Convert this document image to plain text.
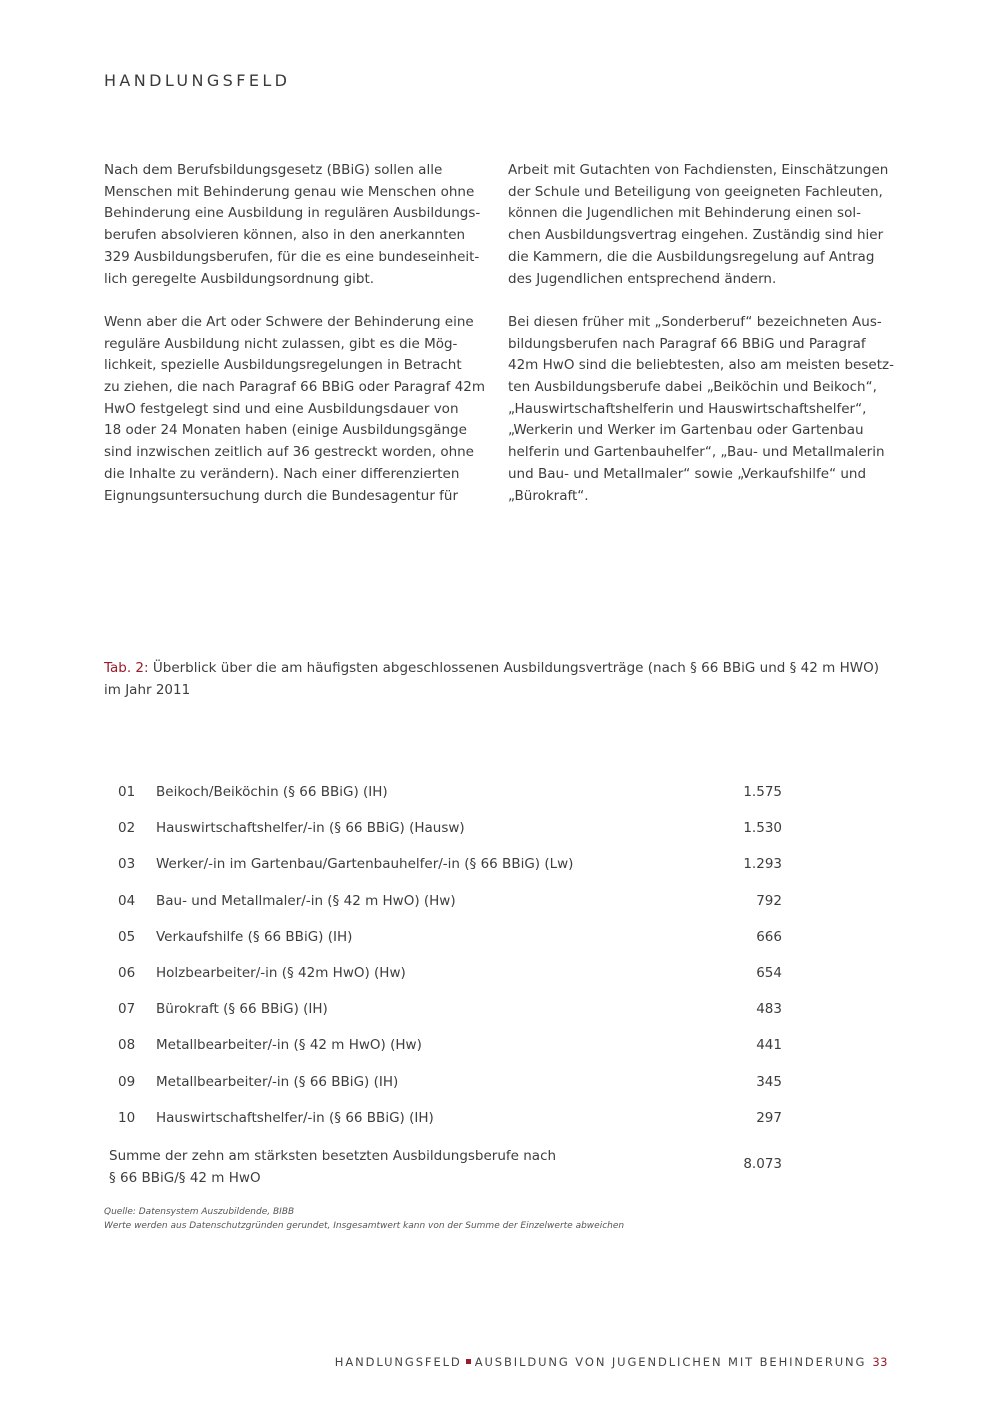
HANDLUNGSFELD
Nach dem Berufsbildungsgesetz (BBiG) sollen alle
Menschen mit Behinderung genau wie Menschen ohne
Behinderung eine Ausbildung in regulären Ausbildungs-
berufen absolvieren können, also in den anerkannten
329 Ausbildungsberufen, für die es eine bundeseinheit-
lich geregelte Ausbildungsordnung gibt.
Wenn aber die Art oder Schwere der Behinderung eine
reguläre Ausbildung nicht zulassen, gibt es die Mög-
lichkeit, spezielle Ausbildungsregelungen in Betracht
zu ziehen, die nach Paragraf 66 BBiG oder Paragraf 42m
HwO festgelegt sind und eine Ausbildungsdauer von
18 oder 24 Monaten haben (einige Ausbildungsgänge
sind inzwischen zeitlich auf 36 gestreckt worden, ohne
die Inhalte zu verändern). Nach einer differenzierten
Eignungsuntersuchung durch die Bundesagentur für
Arbeit mit Gutachten von Fachdiensten, Einschätzungen
der Schule und Beteiligung von geeigneten Fachleuten,
können die Jugendlichen mit Behinderung einen sol-
chen Ausbildungsvertrag eingehen. Zuständig sind hier
die Kammern, die die Ausbildungsregelung auf Antrag
des Jugendlichen entsprechend ändern.
Bei diesen früher mit „Sonderberuf“ bezeichneten Aus-
bildungsberufen nach Paragraf 66 BBiG und Paragraf
42m HwO sind die beliebtesten, also am meisten besetz-
ten Ausbildungsberufe dabei „Beiköchin und Beikoch“,
„Hauswirtschaftshelferin und Hauswirtschaftshelfer“,
„Werkerin und Werker im Gartenbau oder Gartenbau
helferin und Gartenbauhelfer“, „Bau- und Metallmalerin
und Bau- und Metallmaler“ sowie „Verkaufshilfe“ und
„Bürokraft“.
Tab. 2: Überblick über die am häufigsten abgeschlossenen Ausbildungsverträge (nach § 66 BBiG und § 42 m HWO)
im Jahr 2011
01 Beikoch/Beiköchin (§ 66 BBiG) (IH)	1.575
02 Hauswirtschaftshelfer/-in (§ 66 BBiG) (Hausw)	1.530
03 Werker/-in im Gartenbau/Gartenbauhelfer/-in (§ 66 BBiG) (Lw)	1.293
04 Bau- und Metallmaler/-in (§ 42 m HwO) (Hw)	792
05 Verkaufshilfe (§ 66 BBiG) (IH)	666
06 Holzbearbeiter/-in (§ 42m HwO) (Hw)	654
07 Bürokraft (§ 66 BBiG) (IH)	483
08 Metallbearbeiter/-in (§ 42 m HwO) (Hw)	441
09 Metallbearbeiter/-in (§ 66 BBiG) (IH)	345
10 Hauswirtschaftshelfer/-in (§ 66 BBiG) (IH)	297
Summe der zehn am stärksten besetzten Ausbildungsberufe nach
§ 66 BBiG/§ 42 m HwO
8.073
Quelle: Datensystem Auszubildende, BIBB
Werte werden aus Datenschutzgründen gerundet, Insgesamtwert kann von der Summe der Einzelwerte abweichen
HANDLUNGSFELD AUSBILDUNG VON JUGENDLICHEN MIT BEHINDERUNG 33
